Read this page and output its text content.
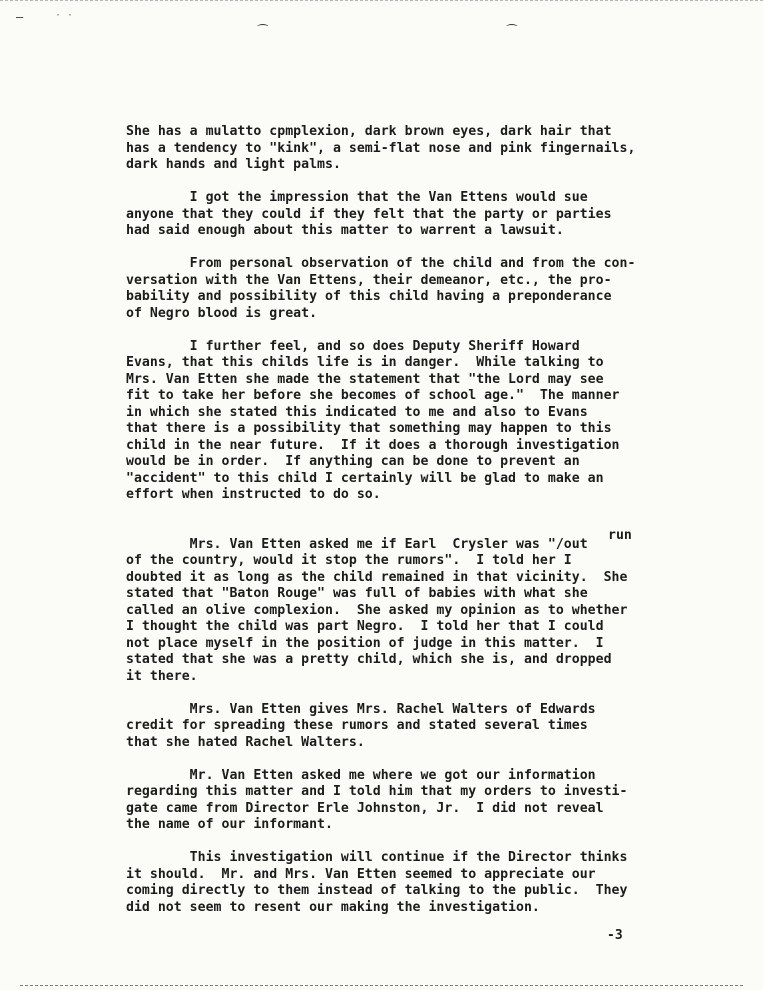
‒	· ·
⁀	⁀
She has a mulatto cpmplexion, dark brown eyes, dark hair that
has a tendency to "kink", a semi-flat nose and pink fingernails,
dark hands and light palms.
I got the impression that the Van Ettens would sue
anyone that they could if they felt that the party or parties
had said enough about this matter to warrent a lawsuit.
From personal observation of the child and from the con-
versation with the Van Ettens, their demeanor, etc., the pro-
bability and possibility of this child having a preponderance
of Negro blood is great.
I further feel, and so does Deputy Sheriff Howard
Evans, that this childs life is in danger.  While talking to
Mrs. Van Etten she made the statement that "the Lord may see
fit to take her before she becomes of school age."  The manner
in which she stated this indicated to me and also to Evans
that there is a possibility that something may happen to this
child in the near future.  If it does a thorough investigation
would be in order.  If anything can be done to prevent an
"accident" to this child I certainly will be glad to make an
effort when instructed to do so.
run
Mrs. Van Etten asked me if Earl  Crysler was "/out
of the country, would it stop the rumors".  I told her I
doubted it as long as the child remained in that vicinity.  She
stated that "Baton Rouge" was full of babies with what she
called an olive complexion.  She asked my opinion as to whether
I thought the child was part Negro.  I told her that I could
not place myself in the position of judge in this matter.  I
stated that she was a pretty child, which she is, and dropped
it there.
Mrs. Van Etten gives Mrs. Rachel Walters of Edwards
credit for spreading these rumors and stated several times
that she hated Rachel Walters.
Mr. Van Etten asked me where we got our information
regarding this matter and I told him that my orders to investi-
gate came from Director Erle Johnston, Jr.  I did not reveal
the name of our informant.
This investigation will continue if the Director thinks
it should.  Mr. and Mrs. Van Etten seemed to appreciate our
coming directly to them instead of talking to the public.  They
did not seem to resent our making the investigation.
-3
